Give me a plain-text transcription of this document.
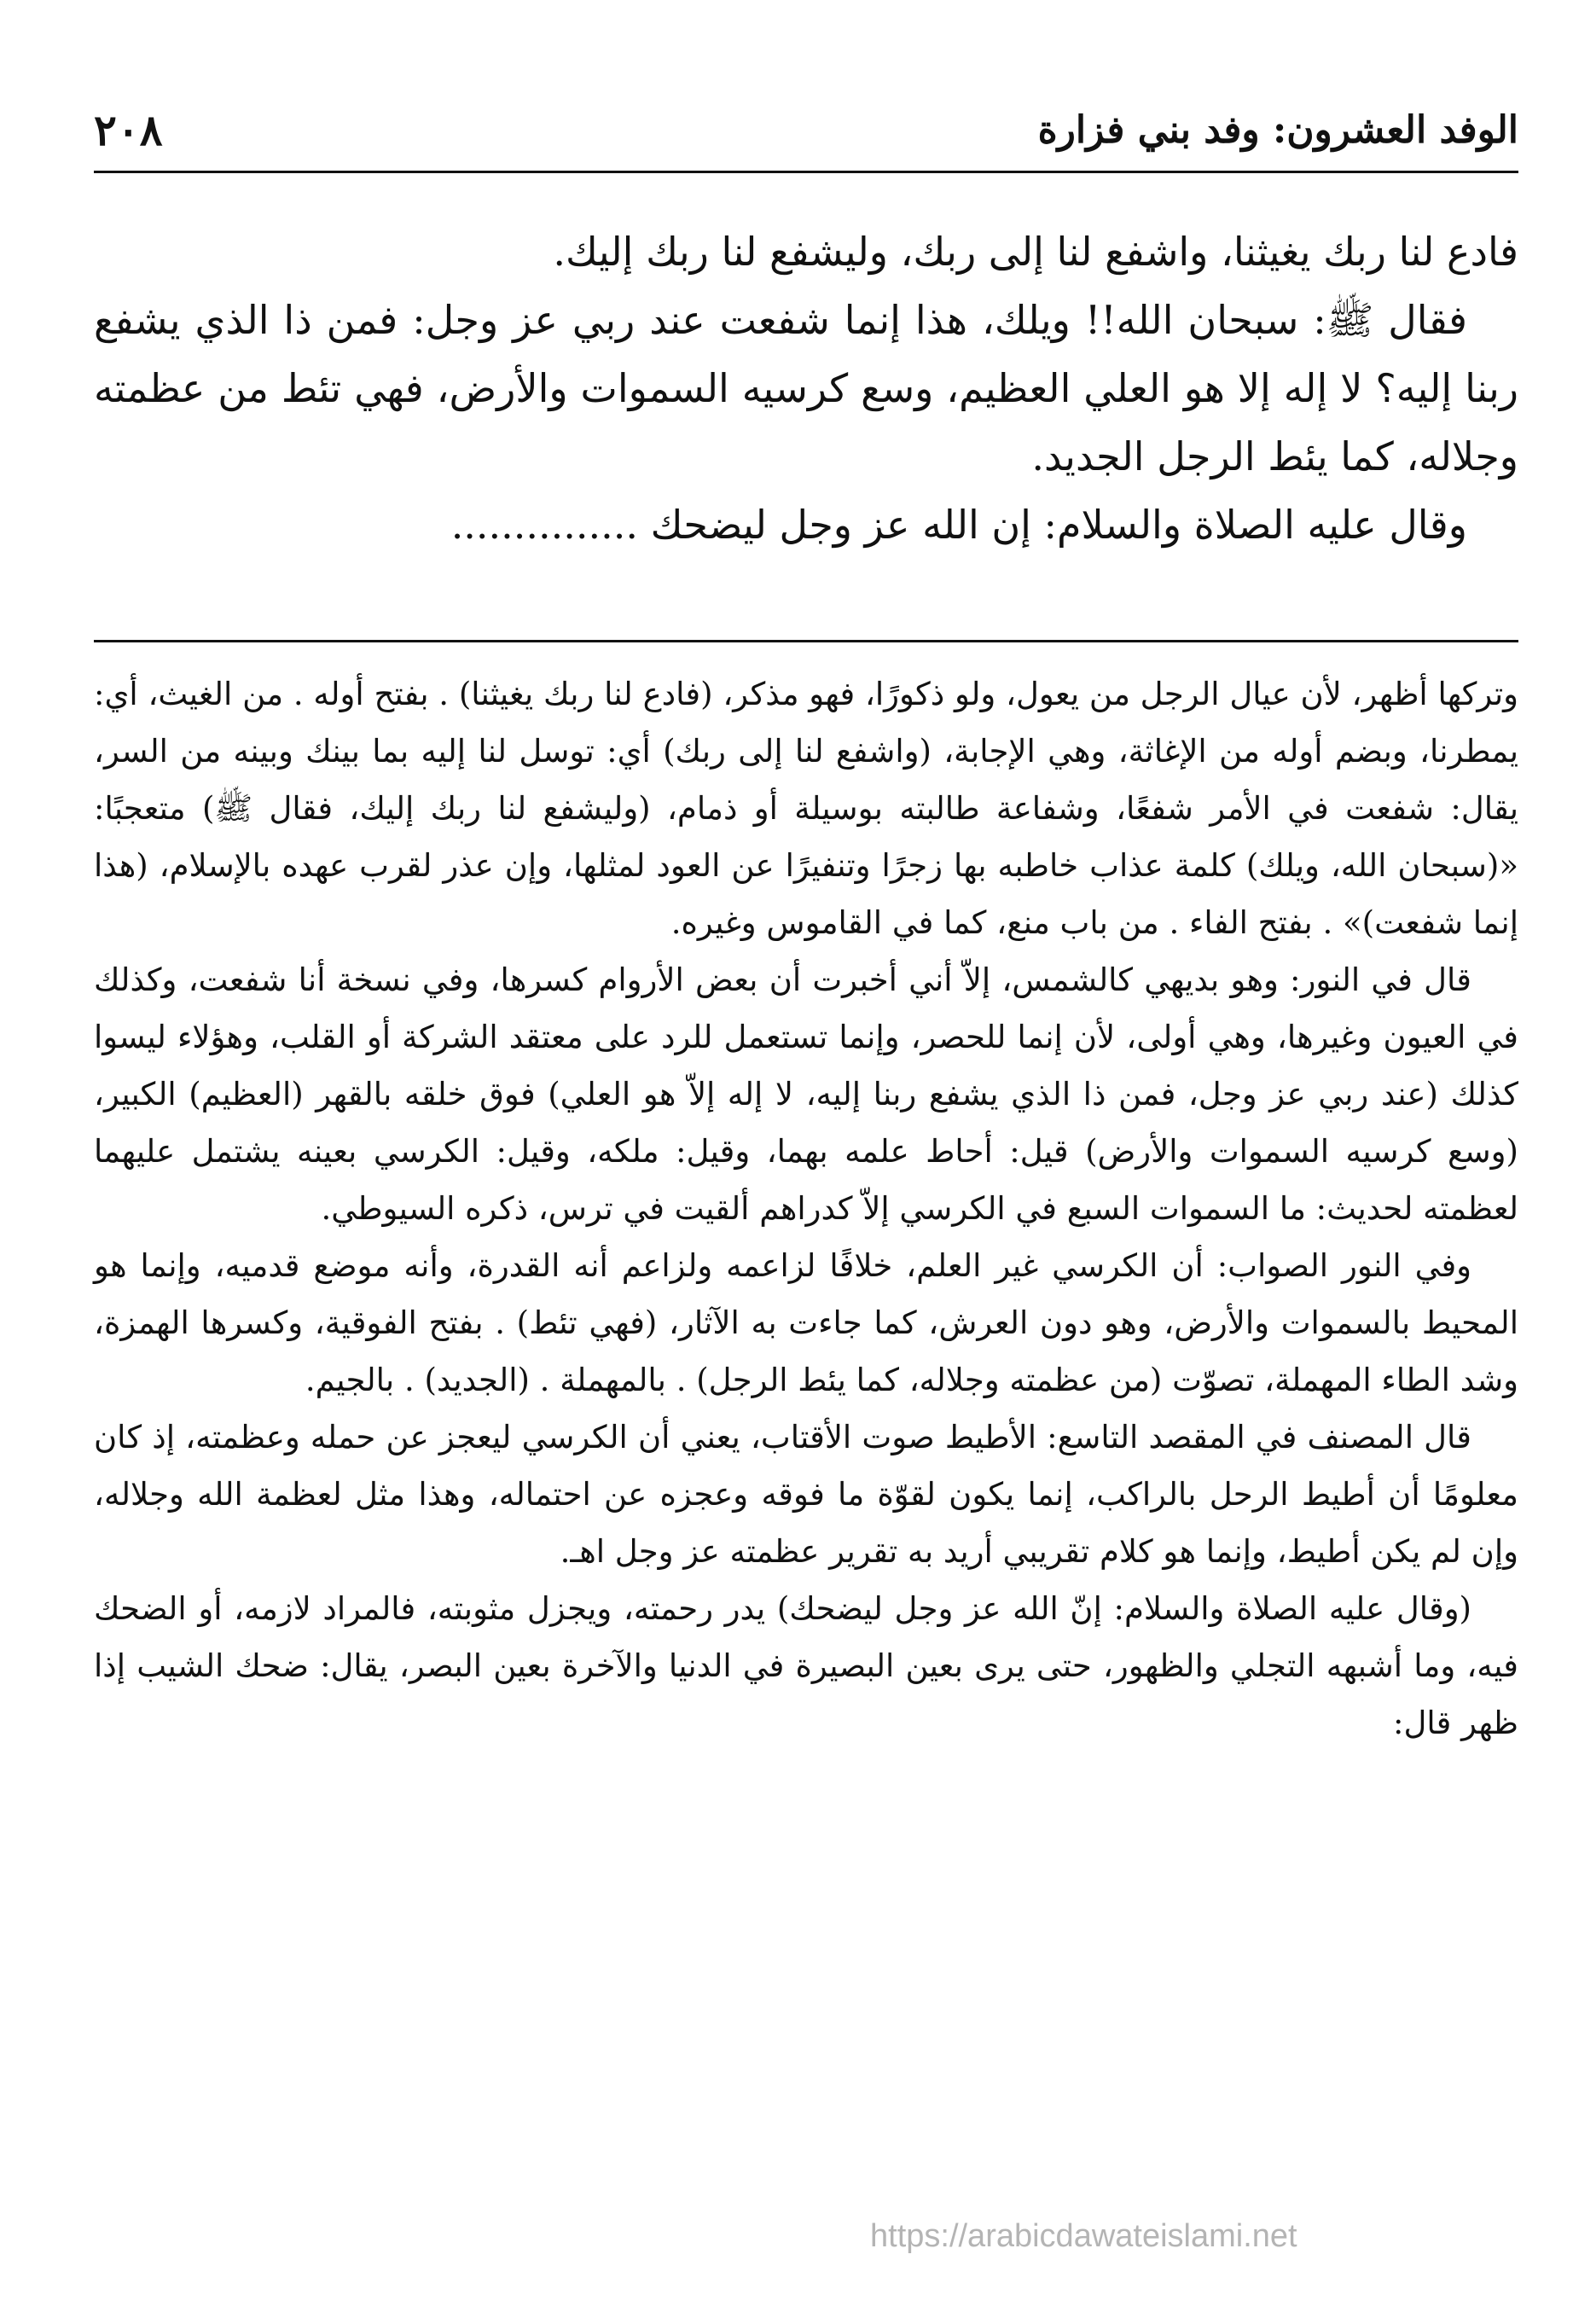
الوفد العشرون: وفد بني فزارة
٢٠٨

فادع لنا ربك يغيثنا، واشفع لنا إلى ربك، وليشفع لنا ربك إليك.

فقال ﷺ: سبحان الله!! ويلك، هذا إنما شفعت عند ربي عز وجل: فمن ذا الذي يشفع ربنا إليه؟ لا إله إلا هو العلي العظيم، وسع كرسيه السموات والأرض، فهي تئط من عظمته وجلاله، كما يئط الرجل الجديد.

وقال عليه الصلاة والسلام: إن الله عز وجل ليضحك ...............

وتركها أظهر، لأن عيال الرجل من يعول، ولو ذكورًا، فهو مذكر، (فادع لنا ربك يغيثنا) . بفتح أوله . من الغيث، أي: يمطرنا، وبضم أوله من الإغاثة، وهي الإجابة، (واشفع لنا إلى ربك) أي: توسل لنا إليه بما بينك وبينه من السر، يقال: شفعت في الأمر شفعًا، وشفاعة طالبته بوسيلة أو ذمام، (وليشفع لنا ربك إليك، فقال ﷺ) متعجبًا: «(سبحان الله، ويلك) كلمة عذاب خاطبه بها زجرًا وتنفيرًا عن العود لمثلها، وإن عذر لقرب عهده بالإسلام، (هذا إنما شفعت)» . بفتح الفاء . من باب منع، كما في القاموس وغيره.

قال في النور: وهو بديهي كالشمس، إلاّ أني أخبرت أن بعض الأروام كسرها، وفي نسخة أنا شفعت، وكذلك في العيون وغيرها، وهي أولى، لأن إنما للحصر، وإنما تستعمل للرد على معتقد الشركة أو القلب، وهؤلاء ليسوا كذلك (عند ربي عز وجل، فمن ذا الذي يشفع ربنا إليه، لا إله إلاّ هو العلي) فوق خلقه بالقهر (العظيم) الكبير، (وسع كرسيه السموات والأرض) قيل: أحاط علمه بهما، وقيل: ملكه، وقيل: الكرسي بعينه يشتمل عليهما لعظمته لحديث: ما السموات السبع في الكرسي إلاّ كدراهم ألقيت في ترس، ذكره السيوطي.

وفي النور الصواب: أن الكرسي غير العلم، خلافًا لزاعمه ولزاعم أنه القدرة، وأنه موضع قدميه، وإنما هو المحيط بالسموات والأرض، وهو دون العرش، كما جاءت به الآثار، (فهي تئط) . بفتح الفوقية، وكسرها الهمزة، وشد الطاء المهملة، تصوّت (من عظمته وجلاله، كما يئط الرجل) . بالمهملة . (الجديد) . بالجيم.

قال المصنف في المقصد التاسع: الأطيط صوت الأقتاب، يعني أن الكرسي ليعجز عن حمله وعظمته، إذ كان معلومًا أن أطيط الرحل بالراكب، إنما يكون لقوّة ما فوقه وعجزه عن احتماله، وهذا مثل لعظمة الله وجلاله، وإن لم يكن أطيط، وإنما هو كلام تقريبي أريد به تقرير عظمته عز وجل اهـ.

(وقال عليه الصلاة والسلام: إنّ الله عز وجل ليضحك) يدر رحمته، ويجزل مثوبته، فالمراد لازمه، أو الضحك فيه، وما أشبهه التجلي والظهور، حتى يرى بعين البصيرة في الدنيا والآخرة بعين البصر، يقال: ضحك الشيب إذا ظهر قال:

https://arabicdawateislami.net
